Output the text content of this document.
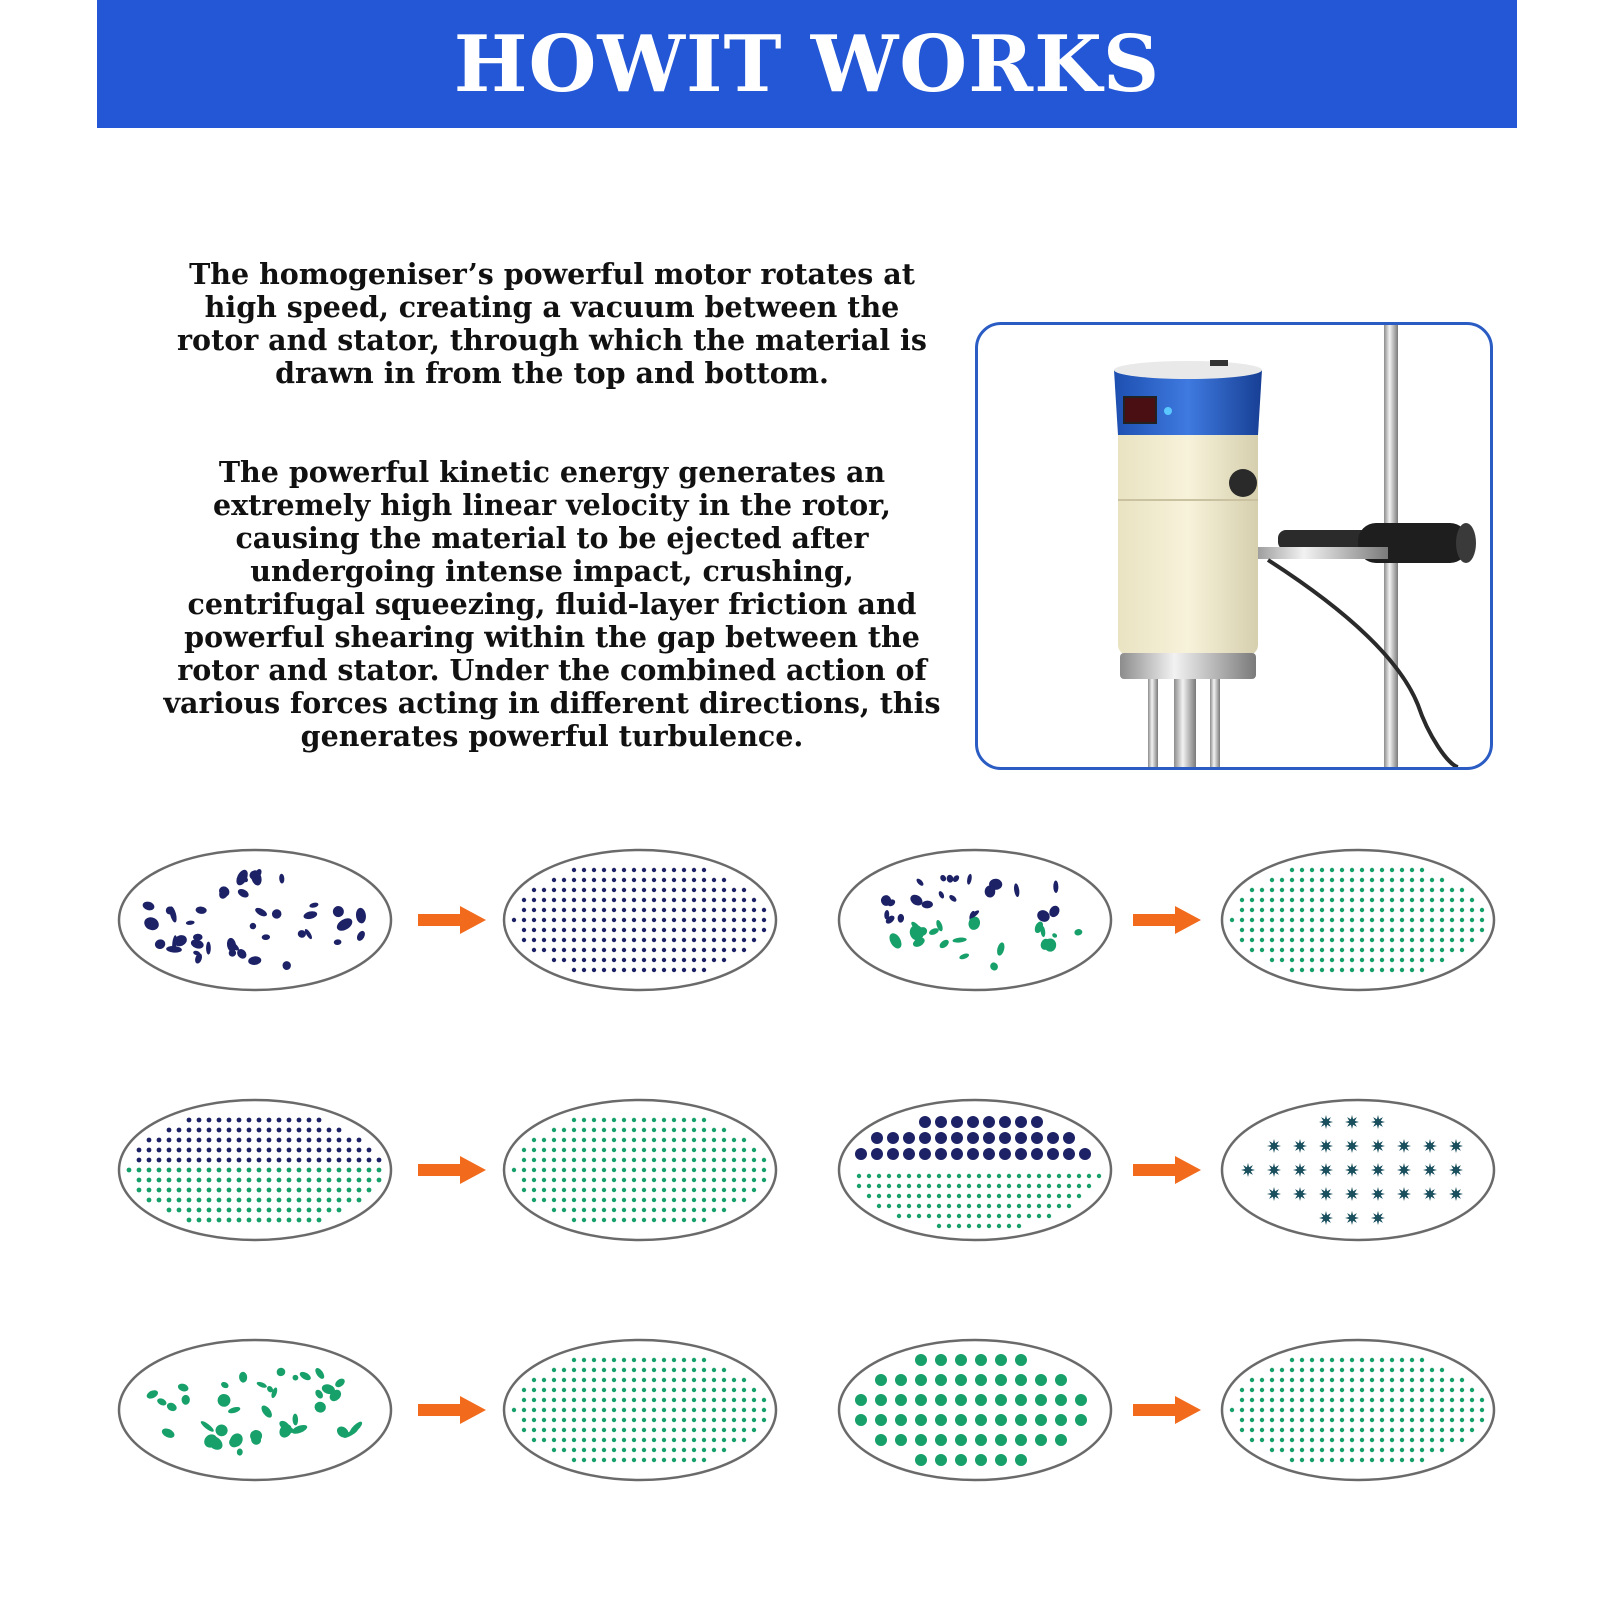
HOWIT WORKS

The homogeniser’s powerful motor rotates at
high speed, creating a vacuum between the
rotor and stator, through which the material is
drawn in from the top and bottom.

The powerful kinetic energy generates an
extremely high linear velocity in the rotor,
causing the material to be ejected after
undergoing intense impact, crushing,
centrifugal squeezing, fluid-layer friction and
powerful shearing within the gap between the
rotor and stator. Under the combined action of
various forces acting in different directions, this
generates powerful turbulence.
